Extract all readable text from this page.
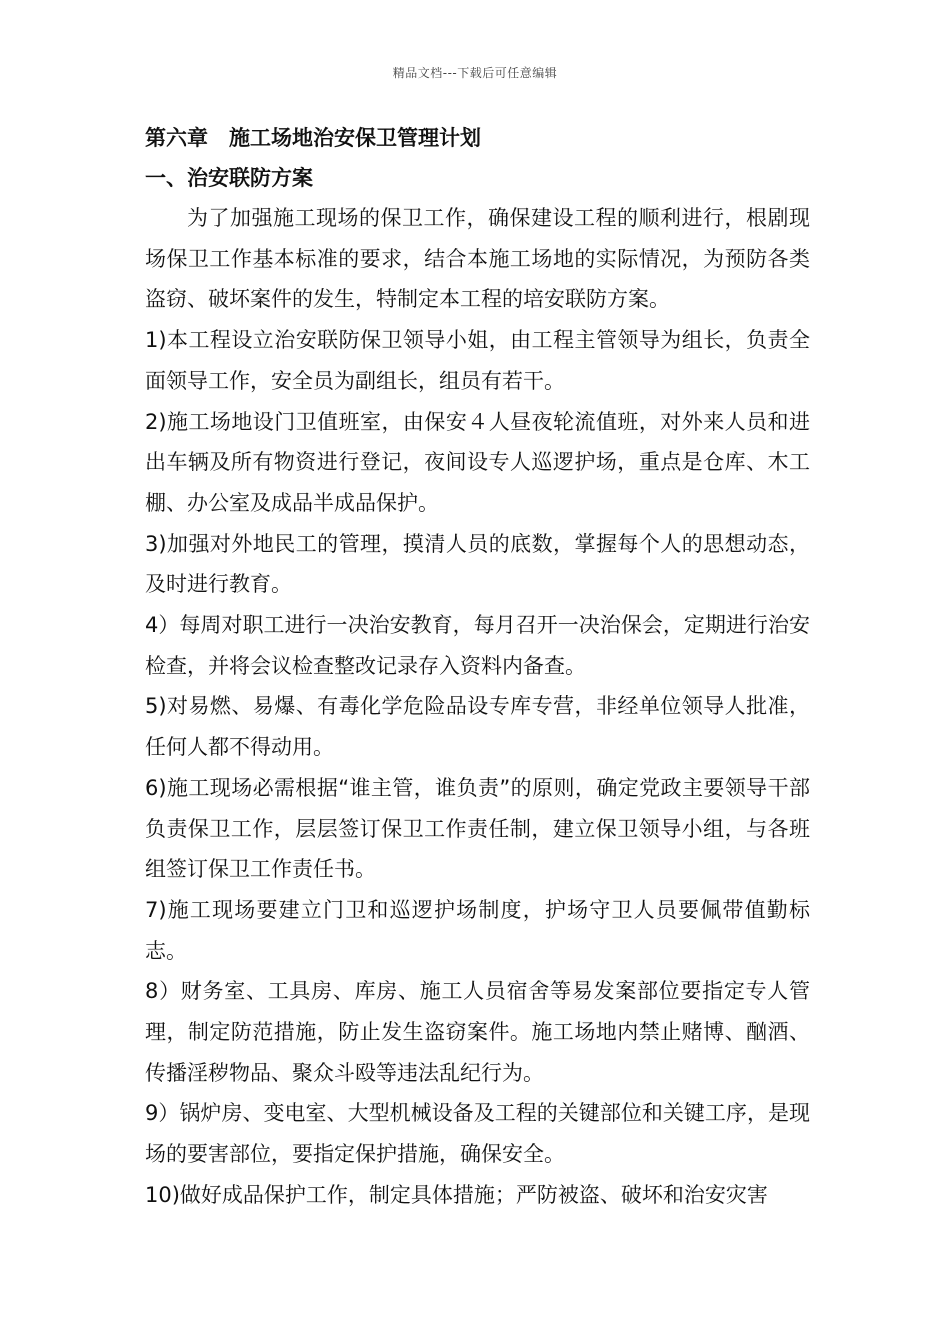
精品文档---下载后可任意编辑
第六章　施工场地治安保卫管理计划
一、治安联防方案

为了加强施工现场的保卫工作，确保建设工程的顺利进行，根剧现场保卫工作基本标准的要求，结合本施工场地的实际情况，为预防各类盗窃、破坏案件的发生，特制定本工程的培安联防方案。

1)本工程设立治安联防保卫领导小姐，由工程主管领导为组长，负责全面领导工作，安全员为副组长，组员有若干。

2)施工场地设门卫值班室，由保安４人昼夜轮流值班，对外来人员和进出车辆及所有物资进行登记，夜间设专人巡逻护场，重点是仓库、木工棚、办公室及成品半成品保护。

3)加强对外地民工的管理，摸清人员的底数，掌握每个人的思想动态，及时进行教育。

4）每周对职工进行一决治安教育，每月召开一决治保会，定期进行治安检查，并将会议检查整改记录存入资料内备查。

5)对易燃、易爆、有毒化学危险品设专库专营，非经单位领导人批准，任何人都不得动用。

6)施工现场必需根据“谁主管，谁负责”的原则，确定党政主要领导干部负责保卫工作，层层签订保卫工作责任制，建立保卫领导小组，与各班组签订保卫工作责任书。

7)施工现场要建立门卫和巡逻护场制度，护场守卫人员要佩带值勤标志。

8）财务室、工具房、库房、施工人员宿舍等易发案部位要指定专人管理，制定防范措施，防止发生盗窃案件。施工场地内禁止赌博、酗酒、传播淫秽物品、聚众斗殴等违法乱纪行为。

9）锅炉房、变电室、大型机械设备及工程的关键部位和关键工序，是现场的要害部位，要指定保护措施，确保安全。

10)做好成品保护工作，制定具体措施；严防被盗、破坏和治安灾害
